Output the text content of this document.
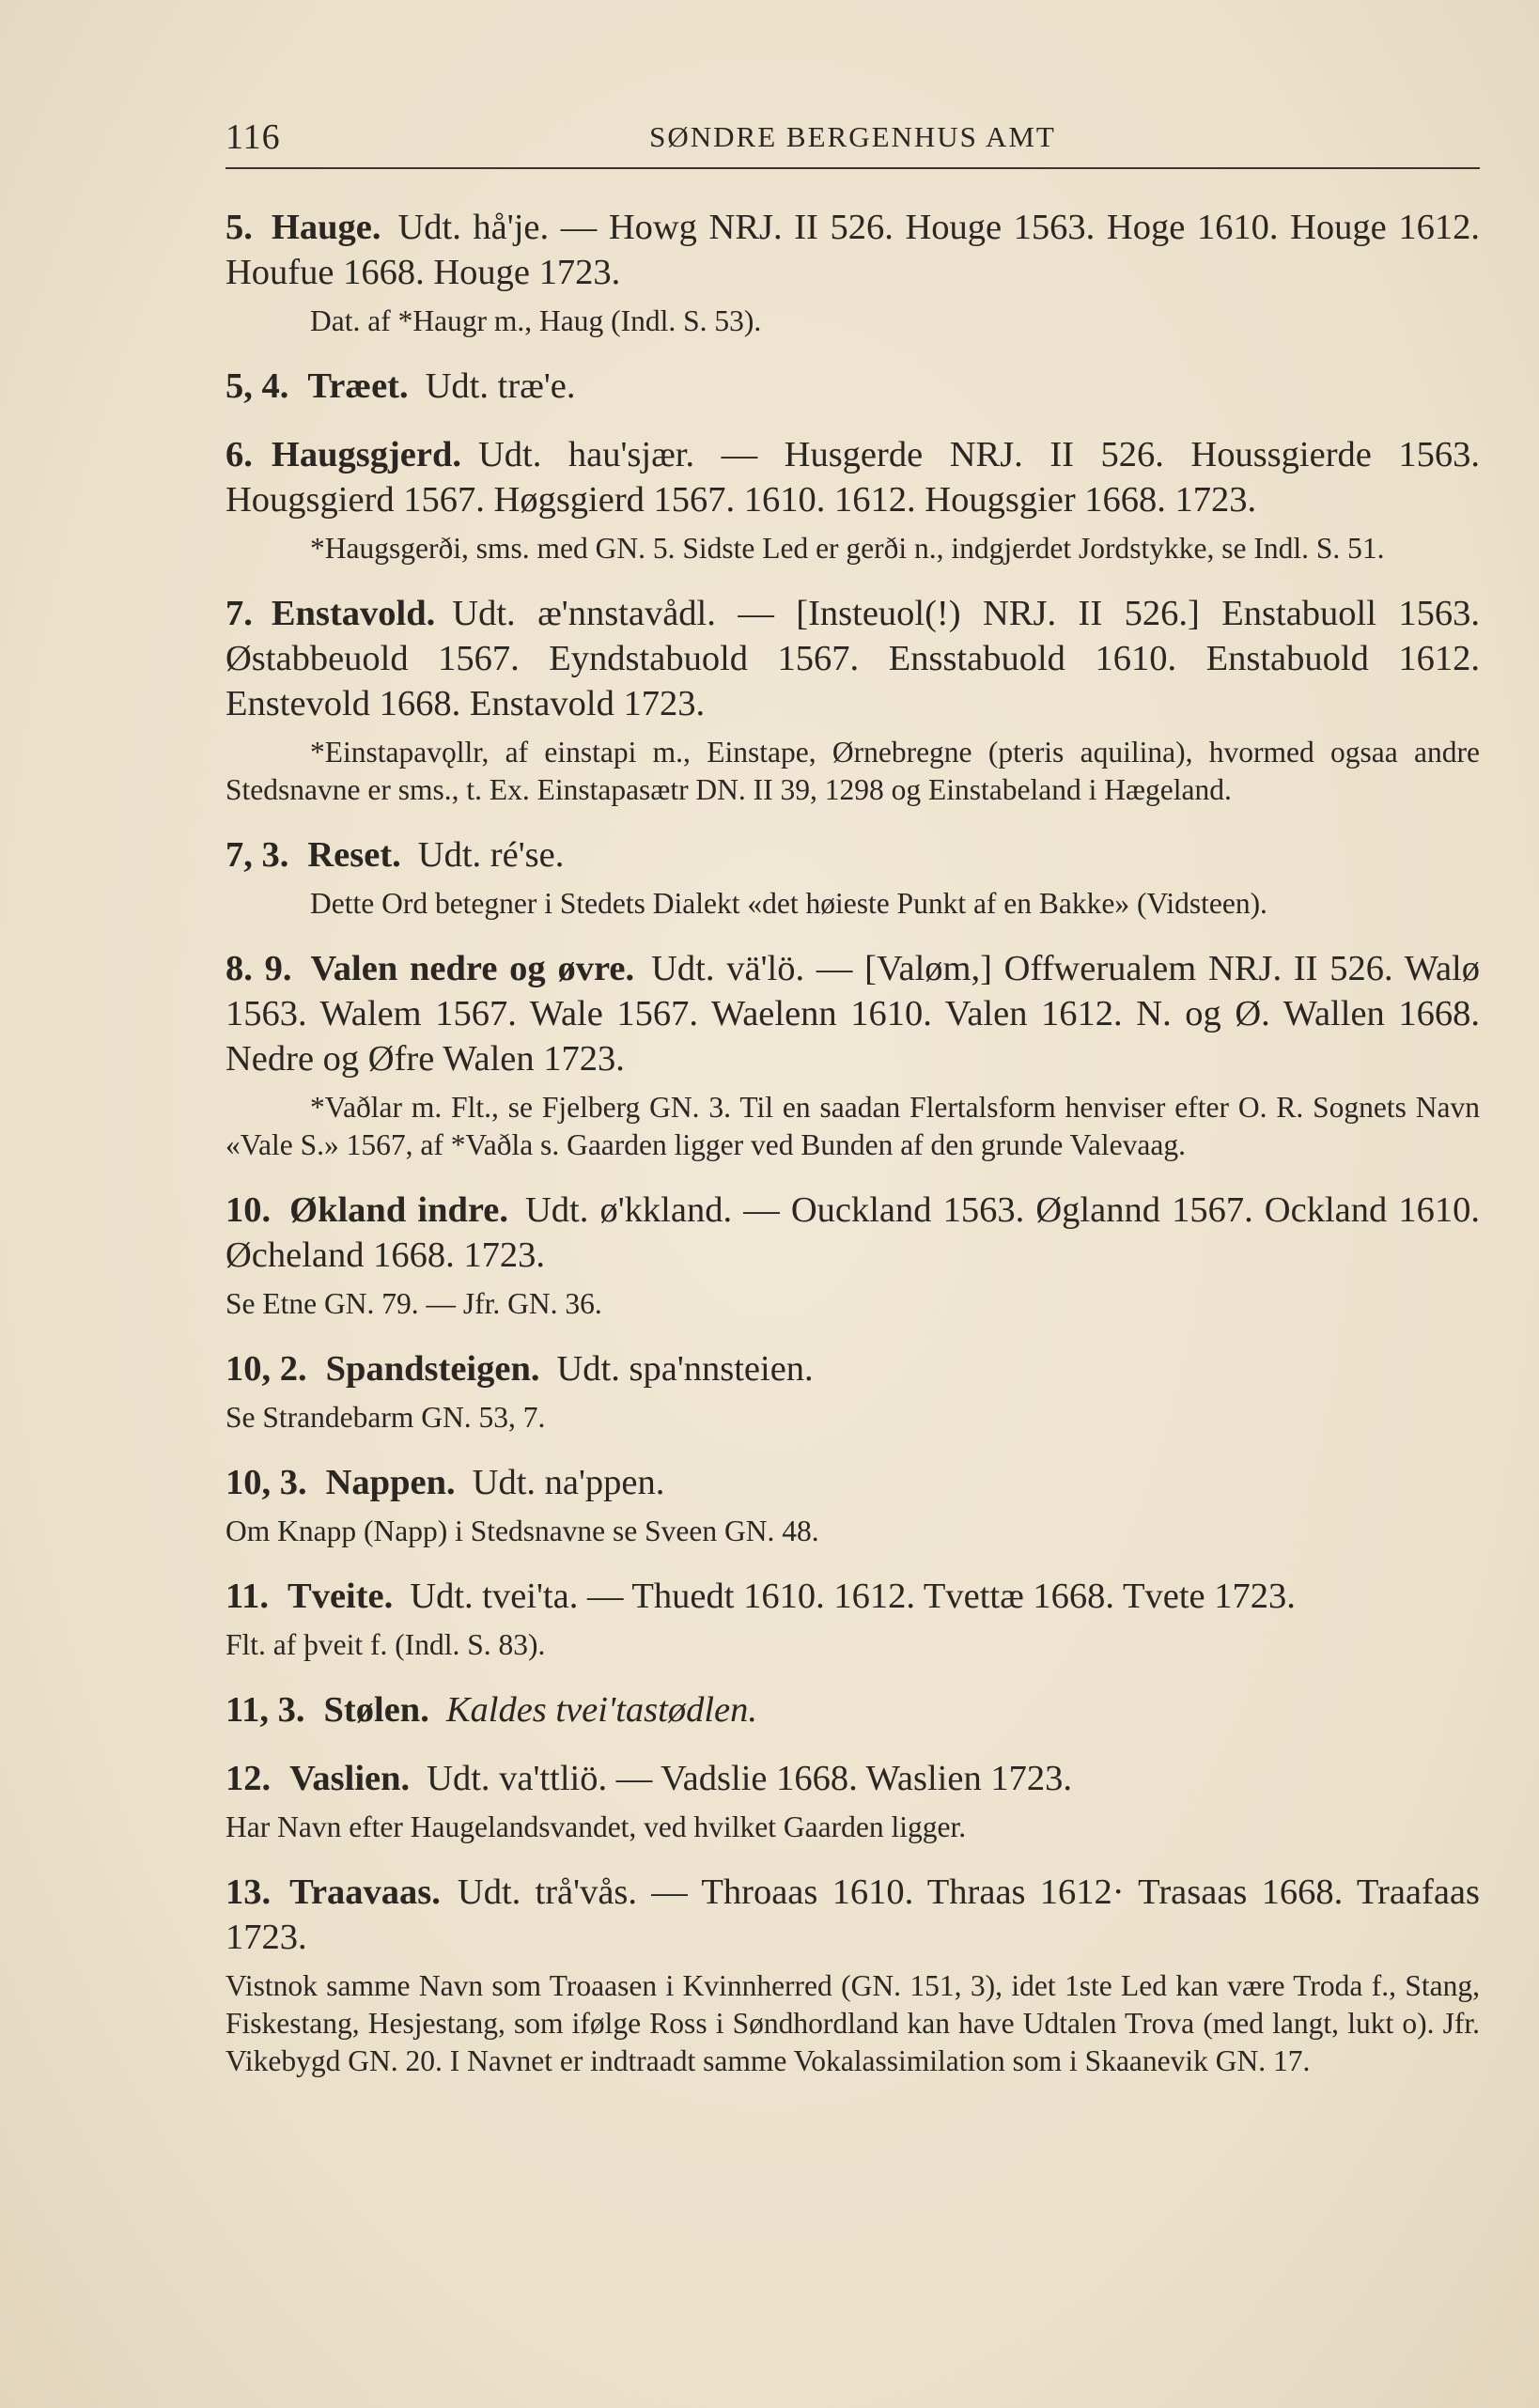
116	SØNDRE BERGENHUS AMT

5. Hauge. Udt. hå'je. — Howg NRJ. II 526. Houge 1563. Hoge 1610. Houge 1612. Houfue 1668. Houge 1723.

Dat. af *Haugr m., Haug (Indl. S. 53).

5, 4. Træet. Udt. træ'e.

6. Haugsgjerd. Udt. hau'sjær. — Husgerde NRJ. II 526. Houssgierde 1563. Hougsgierd 1567. Høgsgierd 1567. 1610. 1612. Hougsgier 1668. 1723.

*Haugsgerði, sms. med GN. 5. Sidste Led er gerði n., indgjerdet Jordstykke, se Indl. S. 51.

7. Enstavold. Udt. æ'nnstavådl. — [Insteuol(!) NRJ. II 526.] Enstabuoll 1563. Østabbeuold 1567. Eyndstabuold 1567. Ensstabuold 1610. Enstabuold 1612. Enstevold 1668. Enstavold 1723.

*Einstapavǫllr, af einstapi m., Einstape, Ørnebregne (pteris aquilina), hvormed ogsaa andre Stedsnavne er sms., t. Ex. Einstapasætr DN. II 39, 1298 og Einstabeland i Hægeland.

7, 3. Reset. Udt. ré'se.

Dette Ord betegner i Stedets Dialekt «det høieste Punkt af en Bakke» (Vidsteen).

8. 9. Valen nedre og øvre. Udt. vä'lö. — [Valøm,] Offwerualem NRJ. II 526. Walø 1563. Walem 1567. Wale 1567. Waelenn 1610. Valen 1612. N. og Ø. Wallen 1668. Nedre og Øfre Walen 1723.

*Vaðlar m. Flt., se Fjelberg GN. 3. Til en saadan Flertalsform henviser efter O. R. Sognets Navn «Vale S.» 1567, af *Vaðla s. Gaarden ligger ved Bunden af den grunde Valevaag.

10. Økland indre. Udt. ø'kkland. — Ouckland 1563. Øglannd 1567. Ockland 1610. Øcheland 1668. 1723.

Se Etne GN. 79. — Jfr. GN. 36.

10, 2. Spandsteigen. Udt. spa'nnsteien.

Se Strandebarm GN. 53, 7.

10, 3. Nappen. Udt. na'ppen.

Om Knapp (Napp) i Stedsnavne se Sveen GN. 48.

11. Tveite. Udt. tvei'ta. — Thuedt 1610. 1612. Tvettæ 1668. Tvete 1723.

Flt. af þveit f. (Indl. S. 83).

11, 3. Stølen. Kaldes tvei'tastødlen.

12. Vaslien. Udt. va'ttliö. — Vadslie 1668. Waslien 1723.

Har Navn efter Haugelandsvandet, ved hvilket Gaarden ligger.

13. Traavaas. Udt. trå'vås. — Throaas 1610. Thraas 1612· Trasaas 1668. Traafaas 1723.

Vistnok samme Navn som Troaasen i Kvinnherred (GN. 151, 3), idet 1ste Led kan være Troda f., Stang, Fiskestang, Hesjestang, som ifølge Ross i Søndhordland kan have Udtalen Trova (med langt, lukt o). Jfr. Vikebygd GN. 20. I Navnet er indtraadt samme Vokalassimilation som i Skaanevik GN. 17.
